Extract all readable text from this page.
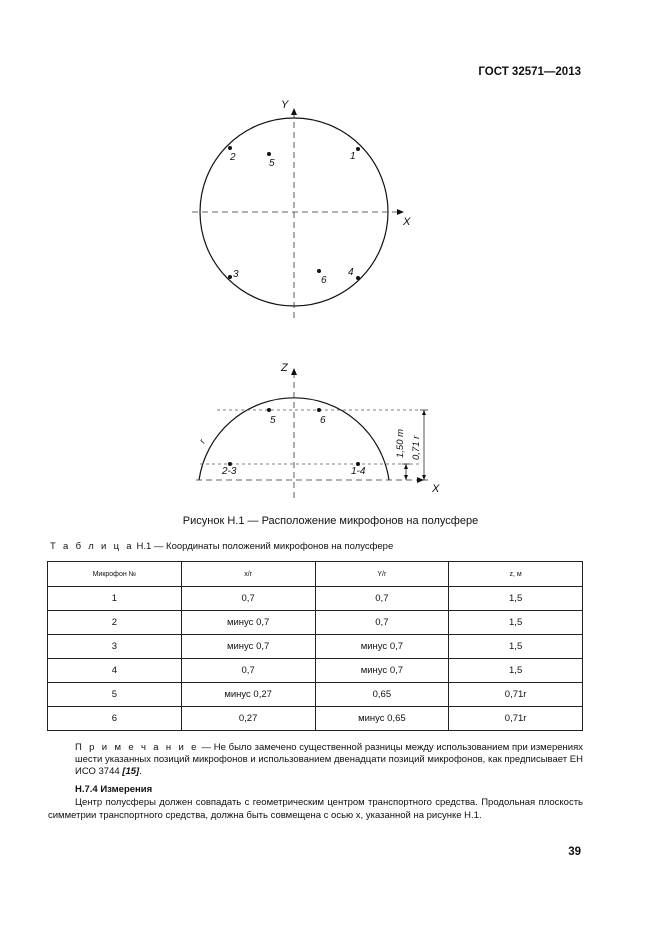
ГОСТ 32571—2013
Y
X
1
2
3	4
5
6
Z
X
r	1,50 m 0,71 r
5	6
2-3	1-4
Рисунок Н.1 — Расположение микрофонов на полусфере
Т а б л и ц а Н.1 — Координаты положений микрофонов на полусфере
Микрофон №	x/r	Y/r	z, м
1	0,7	0,7	1,5
2	минус 0,7	0,7	1,5
3	минус 0,7	минус 0,7	1,5
4	0,7	минус 0,7	1,5
5	минус 0,27	0,65	0,71r
6	0,27	минус 0,65	0,71r
П р и м е ч а н и е — Не было замечено существенной разницы между использованием при измерениях шести указанных позиций микрофонов и использованием двенадцати позиций микрофонов, как предписывает ЕН ИСО 3744 [15].
Н.7.4 Измерения
Центр полусферы должен совпадать с геометрическим центром транспортного средства. Продольная плоскость симметрии транспортного средства, должна быть совмещена с осью x, указанной на рисунке Н.1.
39
